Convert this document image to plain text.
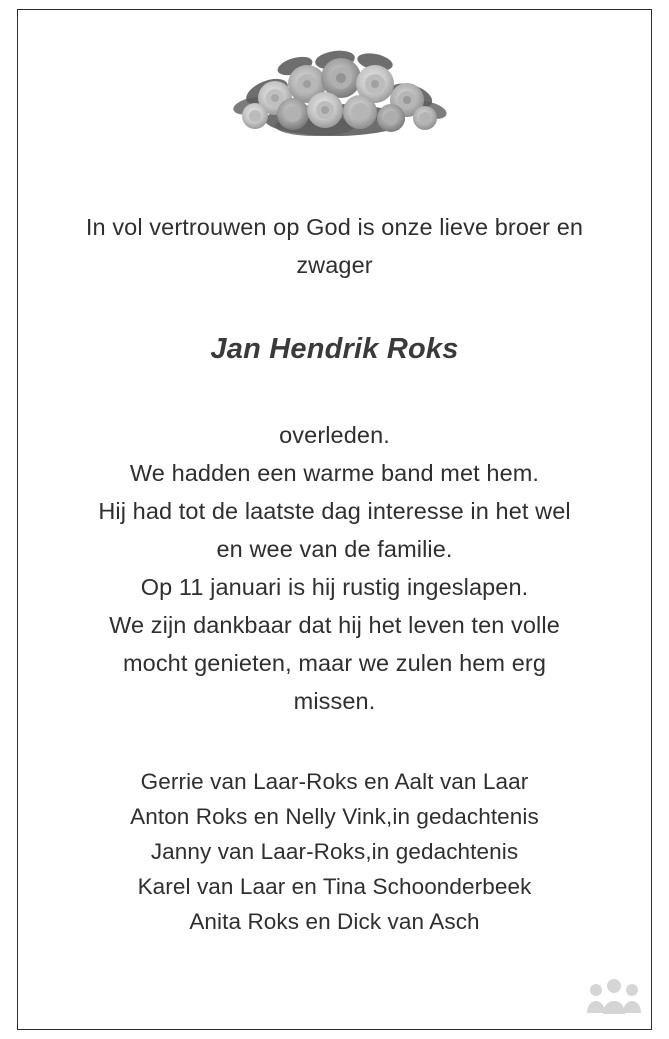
In vol vertrouwen op God is onze lieve broer en zwager
Jan Hendrik Roks
overleden.
We hadden een warme band met hem.
Hij had tot de laatste dag interesse in het wel
en wee van de familie.
Op 11 januari is hij rustig ingeslapen.
We zijn dankbaar dat hij het leven ten volle
mocht genieten, maar we zulen hem erg
missen.
Gerrie van Laar-Roks en Aalt van Laar
Anton Roks en Nelly Vink,in gedachtenis
Janny van Laar-Roks,in gedachtenis
Karel van Laar en Tina Schoonderbeek
Anita Roks en Dick van Asch
